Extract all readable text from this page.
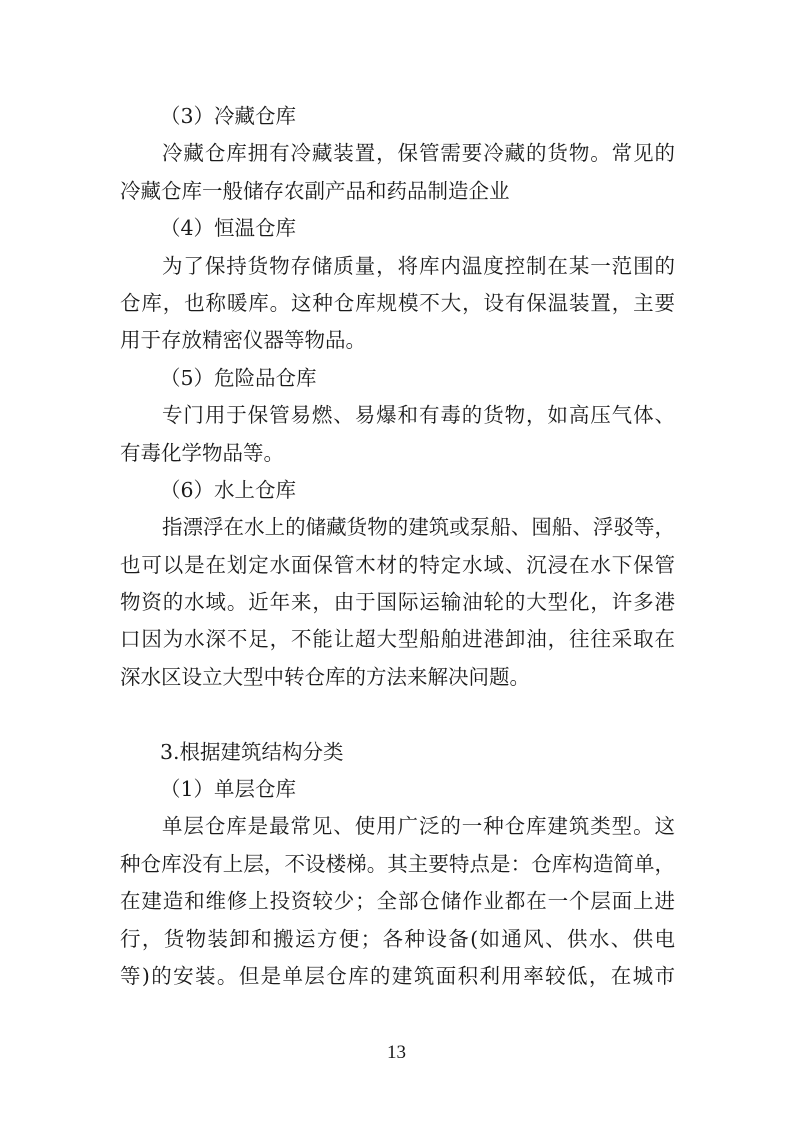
（3）冷藏仓库
冷藏仓库拥有冷藏装置，保管需要冷藏的货物。常见的
冷藏仓库一般储存农副产品和药品制造企业
（4）恒温仓库
为了保持货物存储质量，将库内温度控制在某一范围的
仓库，也称暖库。这种仓库规模不大，设有保温装置，主要
用于存放精密仪器等物品。
（5）危险品仓库
专门用于保管易燃、易爆和有毒的货物，如高压气体、
有毒化学物品等。
（6）水上仓库
指漂浮在水上的储藏货物的建筑或泵船、囤船、浮驳等，
也可以是在划定水面保管木材的特定水域、沉浸在水下保管
物资的水域。近年来，由于国际运输油轮的大型化，许多港
口因为水深不足，不能让超大型船舶进港卸油，往往采取在
深水区设立大型中转仓库的方法来解决问题。
3.根据建筑结构分类
（1）单层仓库
单层仓库是最常见、使用广泛的一种仓库建筑类型。这
种仓库没有上层，不设楼梯。其主要特点是：仓库构造简单，
在建造和维修上投资较少；全部仓储作业都在一个层面上进
行，货物装卸和搬运方便；各种设备(如通风、供水、供电
等)的安装。但是单层仓库的建筑面积利用率较低，在城市
13
